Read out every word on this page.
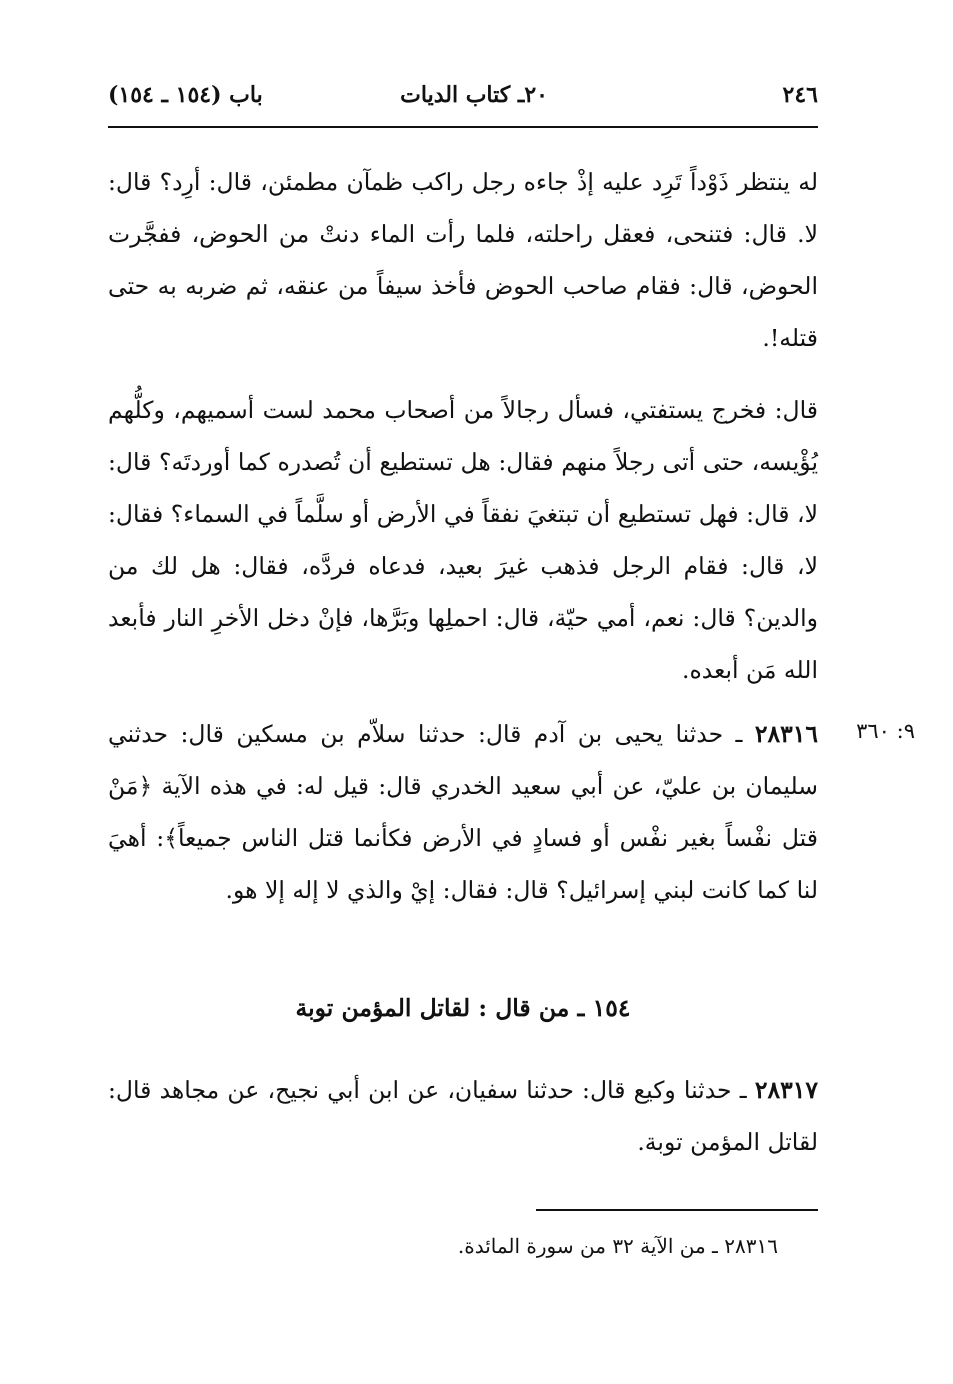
٢٤٦
٢٠ـ كتاب الديات
باب (١٥٤ ـ ١٥٤)
له ينتظر ذَوْداً تَرِد عليه إذْ جاءه رجل راكب ظمآن مطمئن، قال: أرِد؟ قال: لا. قال: فتنحى، فعقل راحلته، فلما رأت الماء دنتْ من الحوض، ففجَّرت الحوض، قال: فقام صاحب الحوض فأخذ سيفاً من عنقه، ثم ضربه به حتى قتله!.
قال: فخرج يستفتي، فسأل رجالاً من أصحاب محمد لست أسميهم، وكلُّهم يُؤْيسه، حتى أتى رجلاً منهم فقال: هل تستطيع أن تُصدره كما أوردتَه؟ قال: لا، قال: فهل تستطيع أن تبتغيَ نفقاً في الأرض أو سلَّماً في السماء؟ فقال: لا، قال: فقام الرجل فذهب غيرَ بعيد، فدعاه فردَّه، فقال: هل لك من والدين؟ قال: نعم، أمي حيّة، قال: احملِها وبَرَّها، فإنْ دخل الأخرِ النار فأبعد الله مَن أبعده.
٩: ٣٦٠
٢٨٣١٦ ـ حدثنا يحيى بن آدم قال: حدثنا سلاّم بن مسكين قال: حدثني سليمان بن عليّ، عن أبي سعيد الخدري قال: قيل له: في هذه الآية ﴿مَنْ قتل نفْساً بغير نفْس أو فسادٍ في الأرض فكأنما قتل الناس جميعاً﴾: أهيَ لنا كما كانت لبني إسرائيل؟ قال: فقال: إيْ والذي لا إله إلا هو.
١٥٤ ـ من قال : لقاتل المؤمن توبة
٢٨٣١٧ ـ حدثنا وكيع قال: حدثنا سفيان، عن ابن أبي نجيح، عن مجاهد قال: لقاتل المؤمن توبة.
٢٨٣١٦ ـ من الآية ٣٢ من سورة المائدة.
